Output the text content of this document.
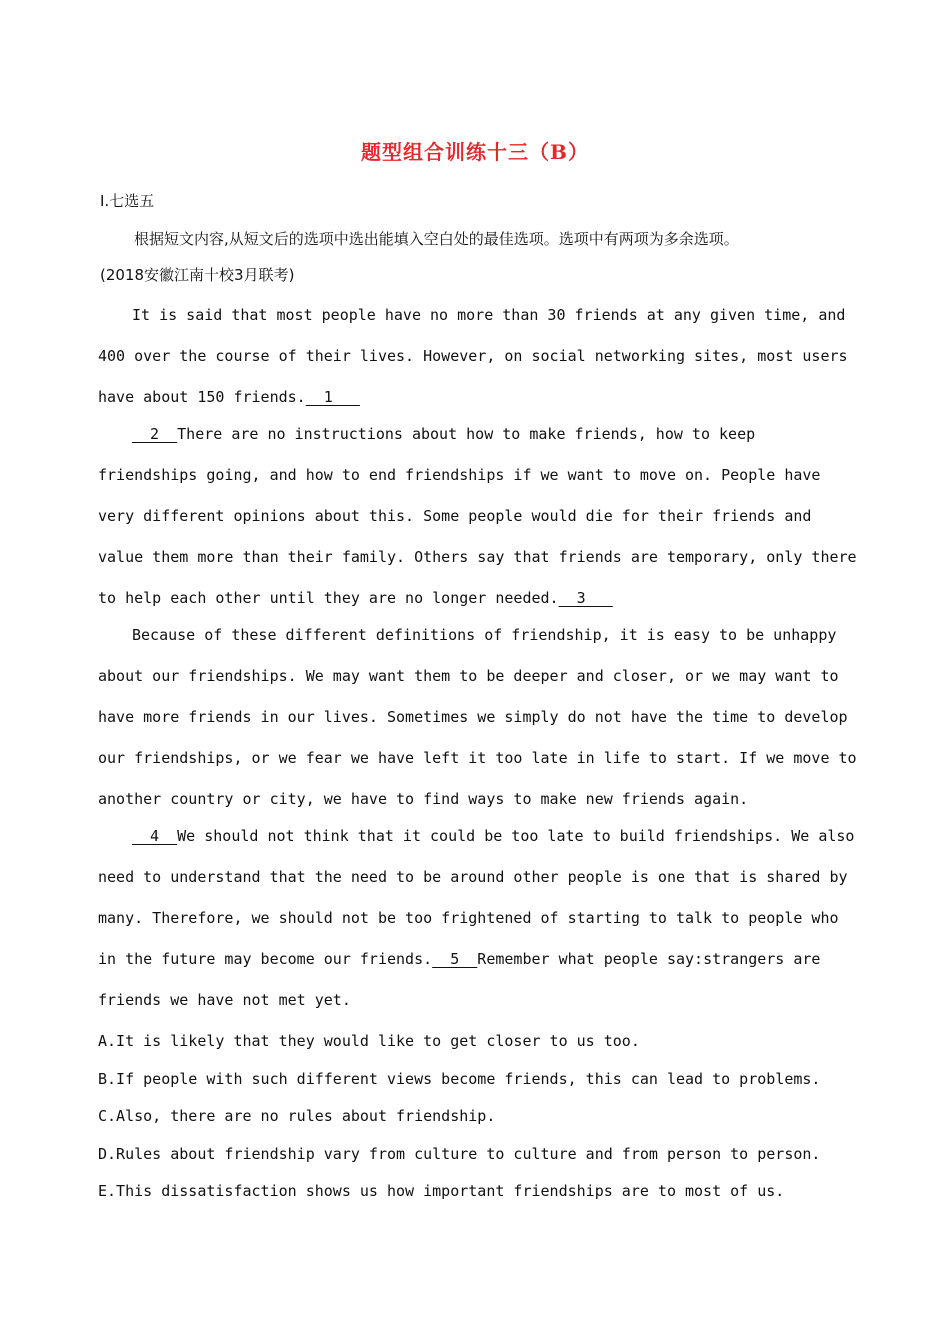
题型组合训练十三（B）
Ⅰ.七选五
根据短文内容,从短文后的选项中选出能填入空白处的最佳选项。选项中有两项为多余选项。
(2018安徽江南十校3月联考)

It is said that most people have no more than 30 friends at any given time, and 400 over the course of their lives. However, on social networking sites, most users have about 150 friends.  1

2  There are no instructions about how to make friends, how to keep friendships going, and how to end friendships if we want to move on. People have very different opinions about this. Some people would die for their friends and value them more than their family. Others say that friends are temporary, only there to help each other until they are no longer needed.  3

Because of these different definitions of friendship, it is easy to be unhappy about our friendships. We may want them to be deeper and closer, or we may want to have more friends in our lives. Sometimes we simply do not have the time to develop our friendships, or we fear we have left it too late in life to start. If we move to another country or city, we have to find ways to make new friends again.

4  We should not think that it could be too late to build friendships. We also need to understand that the need to be around other people is one that is shared by many. Therefore, we should not be too frightened of starting to talk to people who in the future may become our friends.  5  Remember what people say:strangers are friends we have not met yet.

A.It is likely that they would like to get closer to us too.

B.If people with such different views become friends, this can lead to problems.

C.Also, there are no rules about friendship.

D.Rules about friendship vary from culture to culture and from person to person.

E.This dissatisfaction shows us how important friendships are to most of us.
